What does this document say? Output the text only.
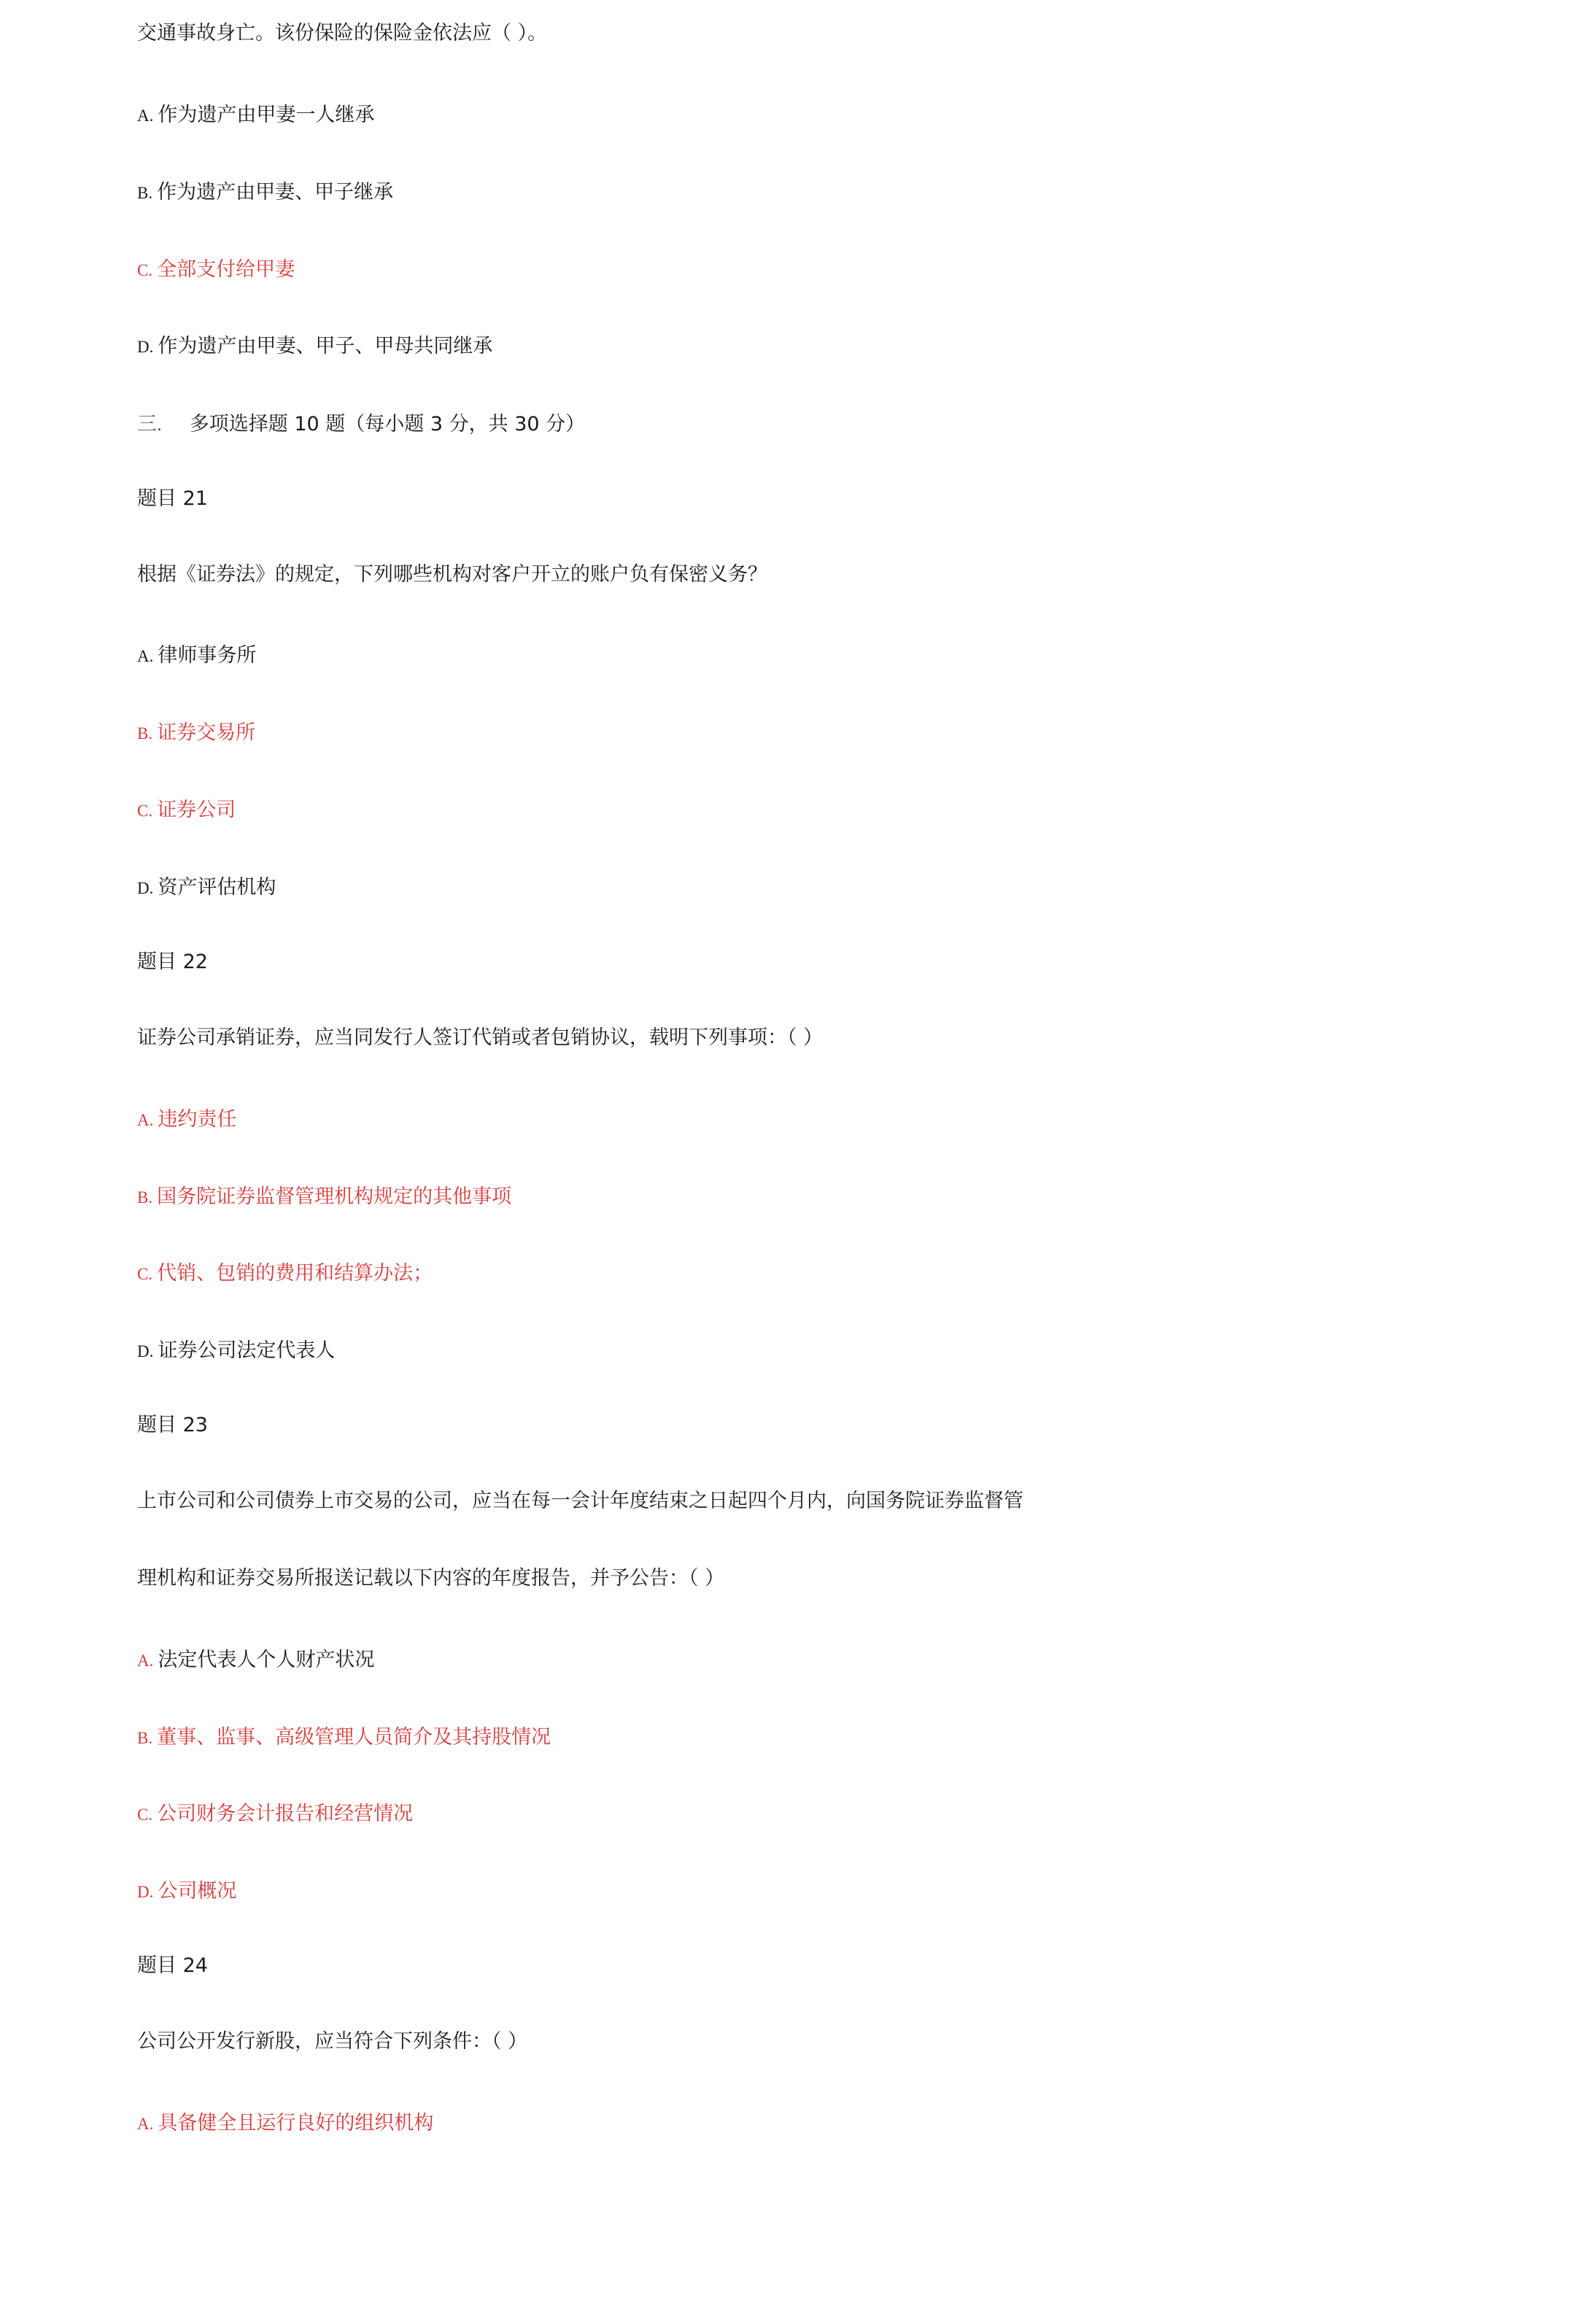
交通事故身亡。该份保险的保险金依法应（ ）。
A. 作为遗产由甲妻一人继承
B. 作为遗产由甲妻、甲子继承
C. 全部支付给甲妻
D. 作为遗产由甲妻、甲子、甲母共同继承
三. 多项选择题 10 题（每小题 3 分，共 30 分）
题目 21
根据《证券法》的规定，下列哪些机构对客户开立的账户负有保密义务？
A. 律师事务所
B. 证券交易所
C. 证券公司
D. 资产评估机构
题目 22
证券公司承销证券，应当同发行人签订代销或者包销协议，载明下列事项：（ ）
A. 违约责任
B. 国务院证券监督管理机构规定的其他事项
C. 代销、包销的费用和结算办法；
D. 证券公司法定代表人
题目 23
上市公司和公司债券上市交易的公司，应当在每一会计年度结束之日起四个月内，向国务院证券监督管
理机构和证券交易所报送记载以下内容的年度报告，并予公告：（ ）
A. 法定代表人个人财产状况
B. 董事、监事、高级管理人员简介及其持股情况
C. 公司财务会计报告和经营情况
D. 公司概况
题目 24
公司公开发行新股，应当符合下列条件：（ ）
A. 具备健全且运行良好的组织机构
